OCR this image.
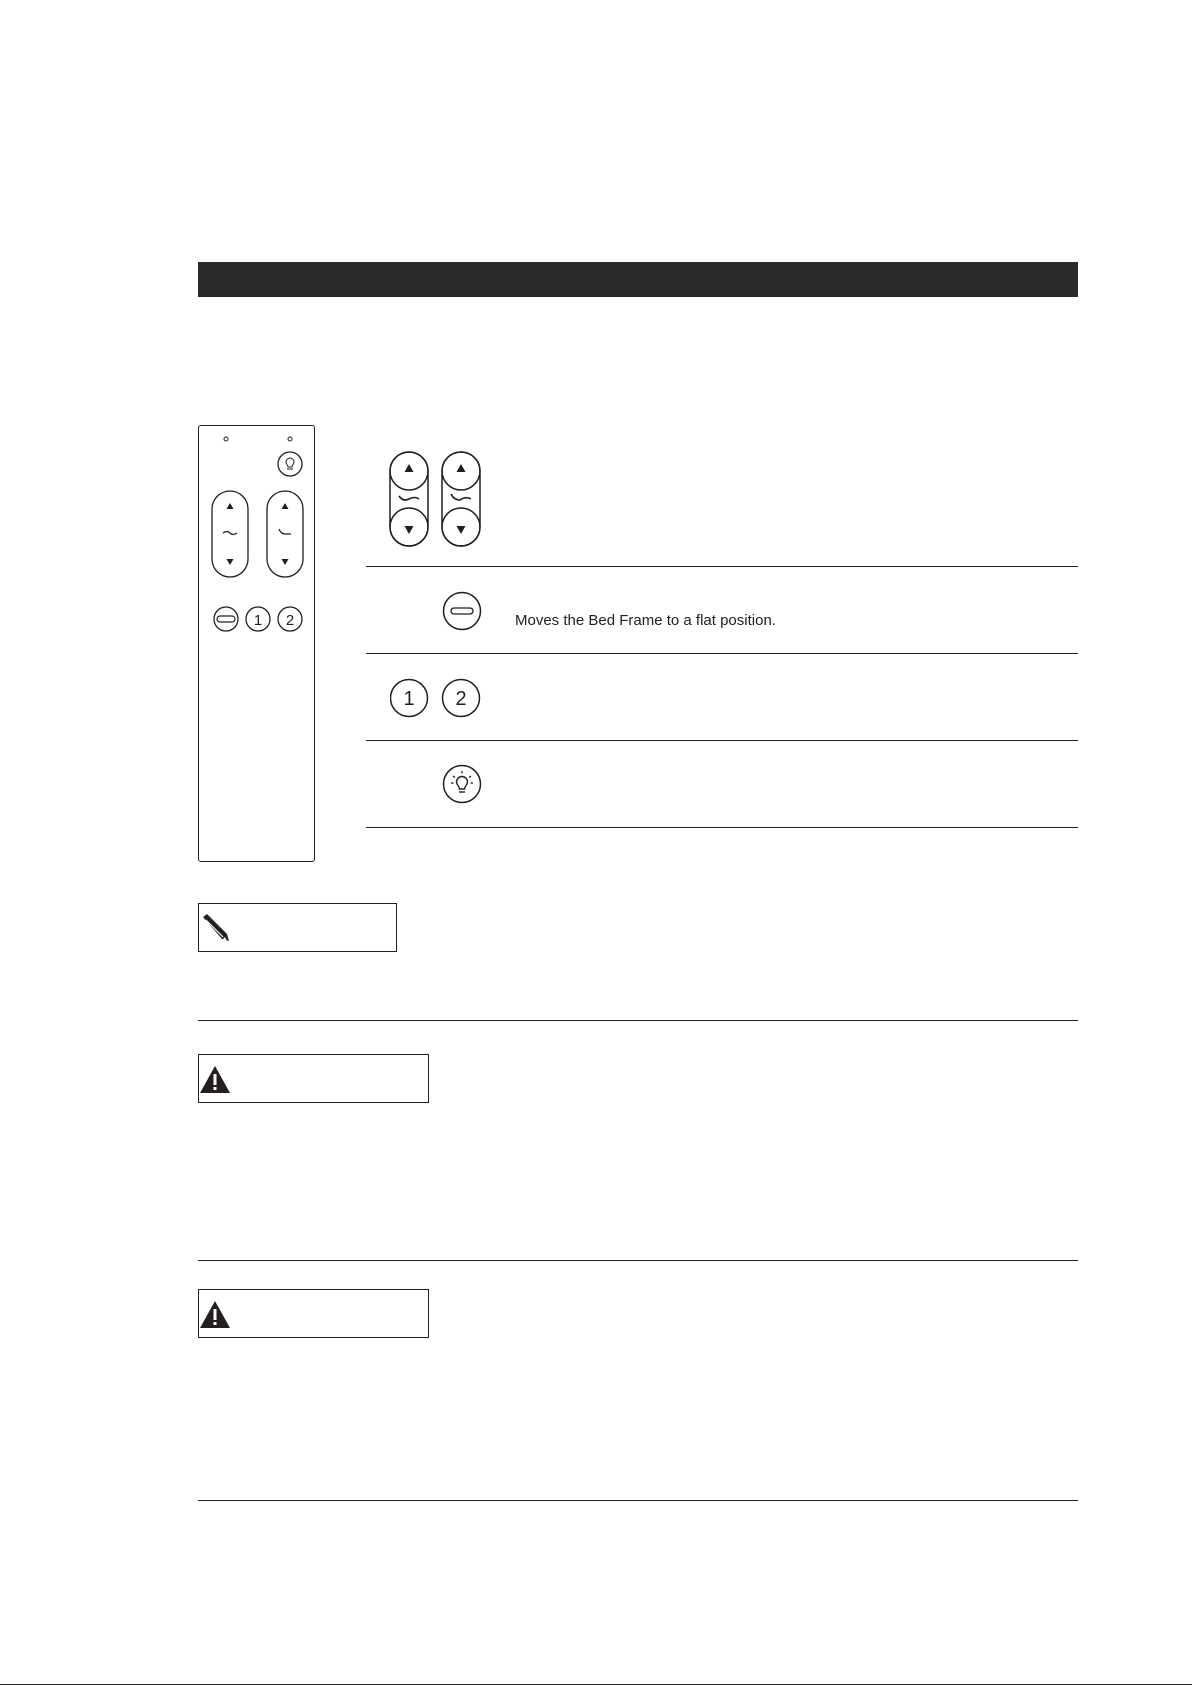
1 2	Moves the Bed Frame to a flat position.
1 2
